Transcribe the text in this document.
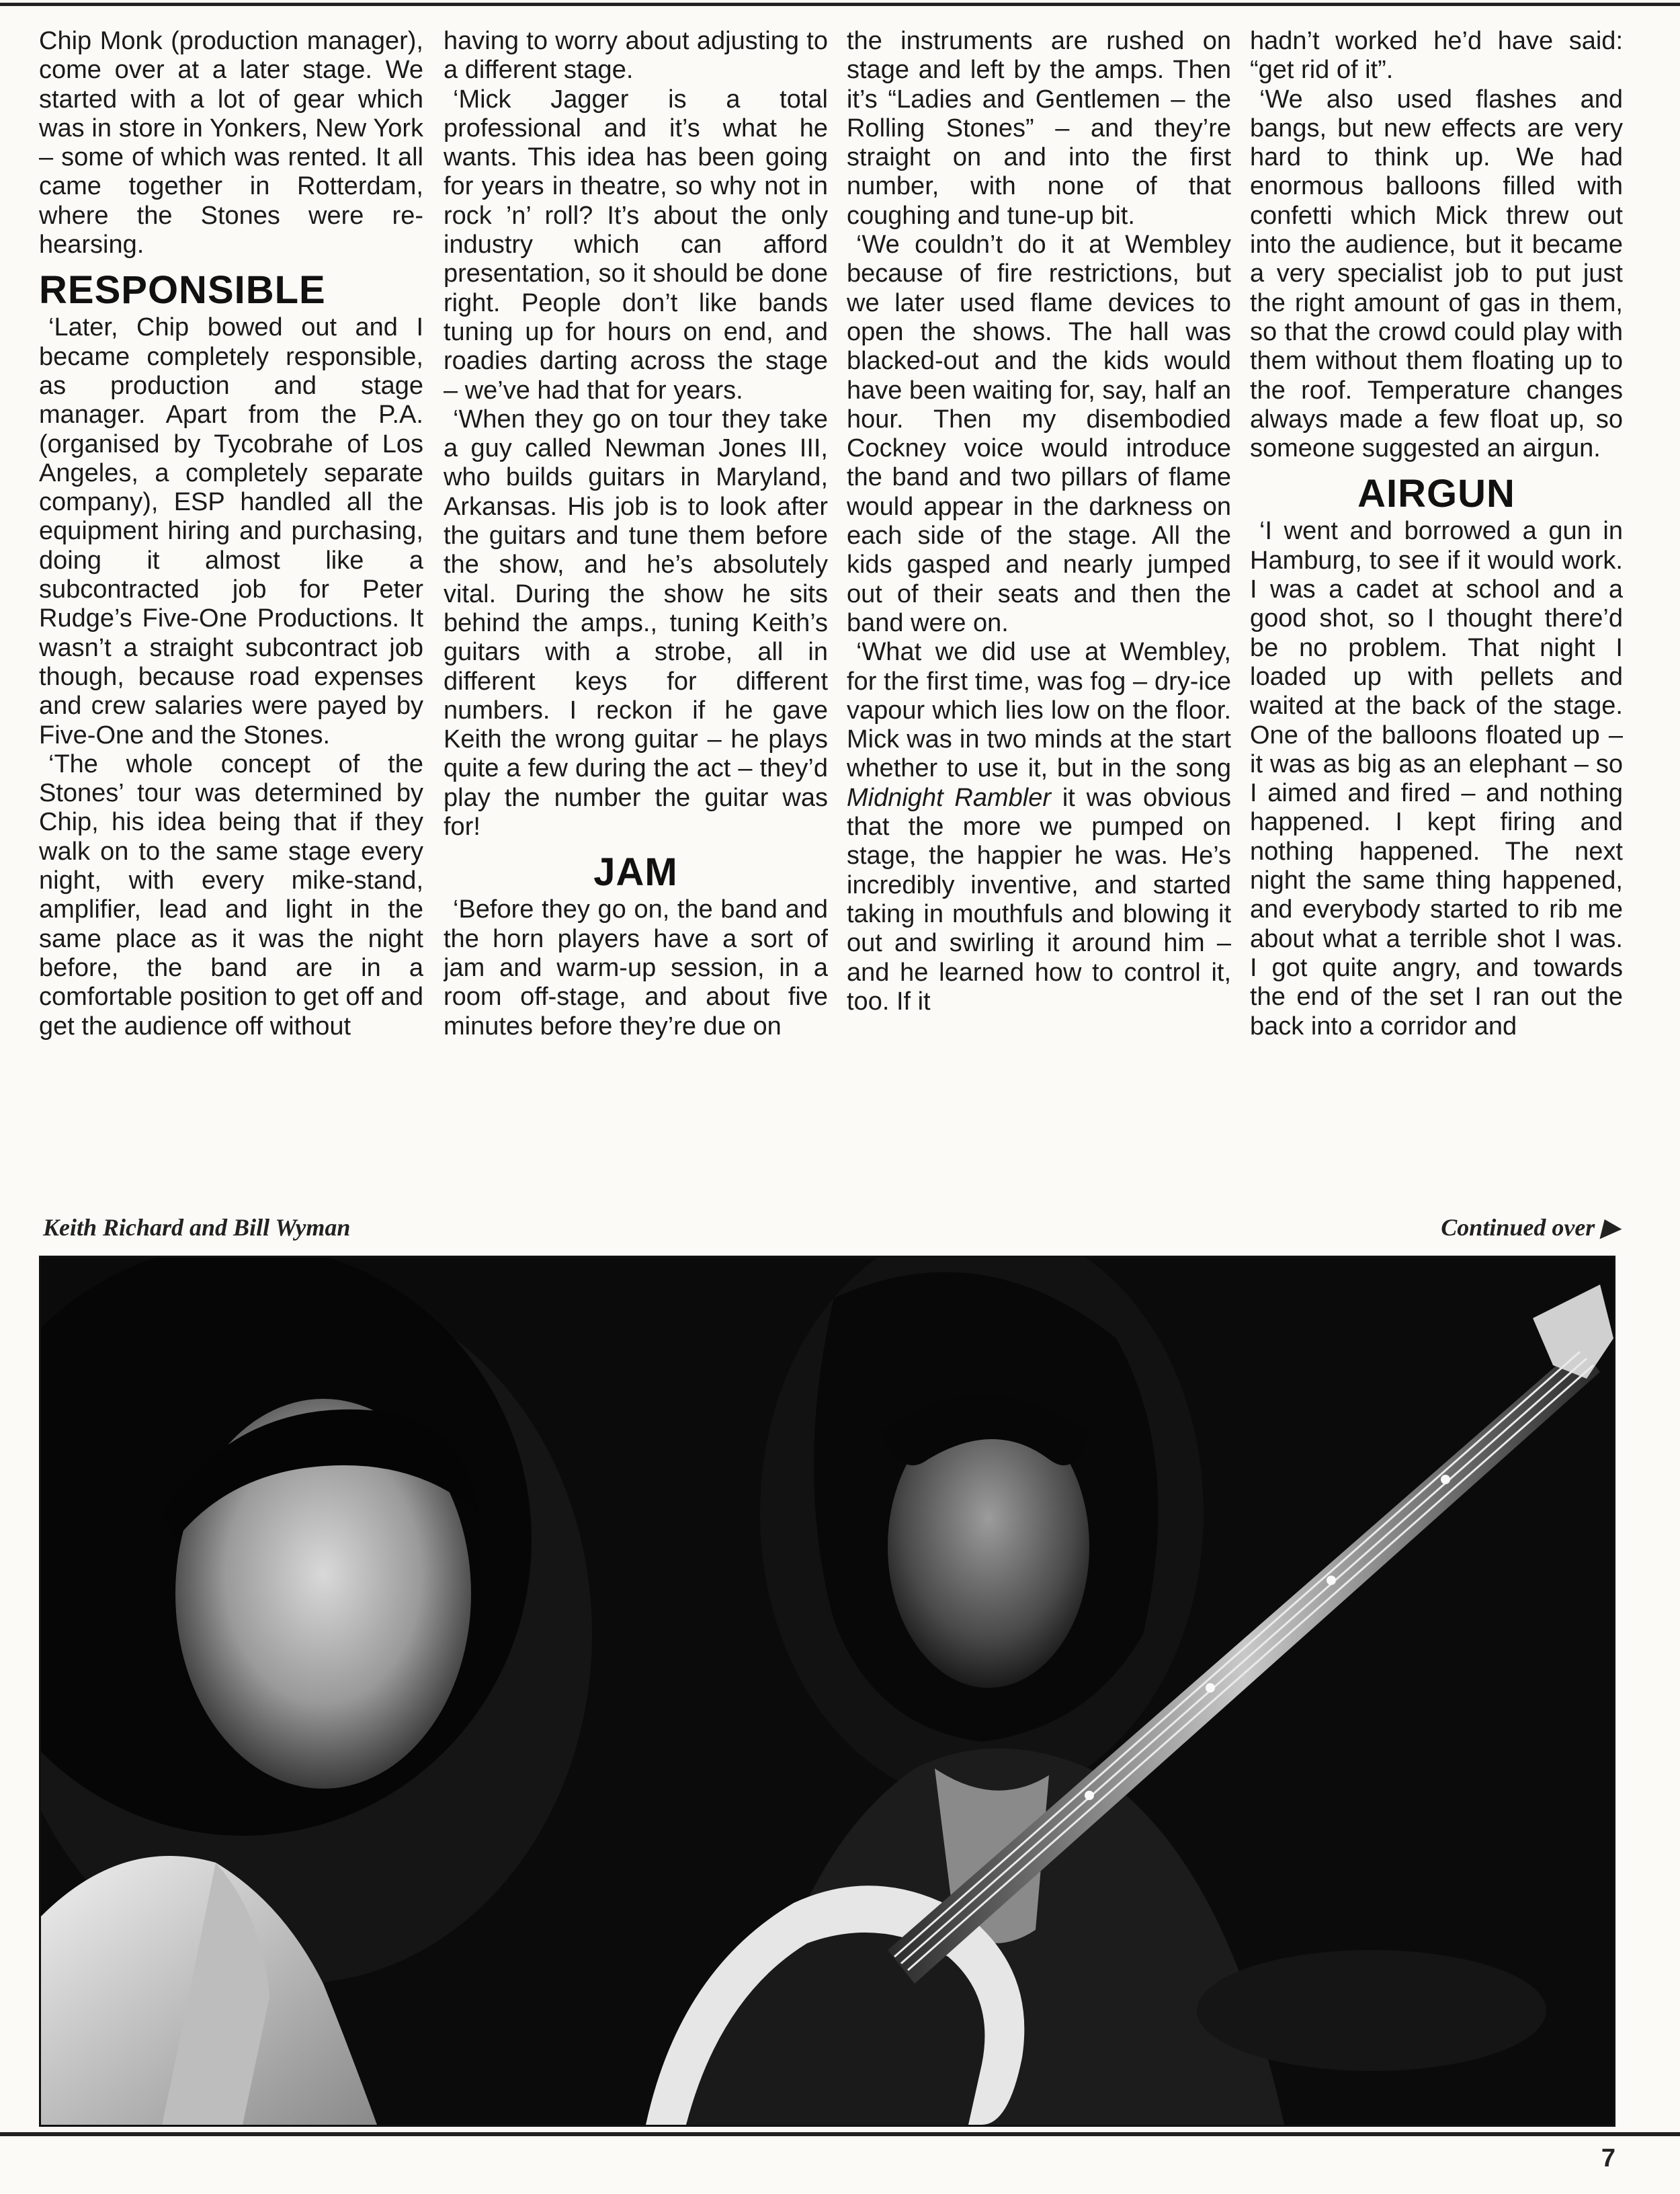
Chip Monk (production manager), come over at a later stage. We started with a lot of gear which was in store in Yonkers, New York – some of which was rented. It all came together in Rotterdam, where the Stones were rehearsing.

RESPONSIBLE

‘Later, Chip bowed out and I became completely responsible, as production and stage manager. Apart from the P.A. (organised by Tycobrahe of Los Angeles, a completely separate company), ESP handled all the equipment hiring and purchasing, doing it almost like a subcontracted job for Peter Rudge’s Five-One Productions. It wasn’t a straight subcontract job though, because road expenses and crew salaries were payed by Five-One and the Stones.

‘The whole concept of the Stones’ tour was determined by Chip, his idea being that if they walk on to the same stage every night, with every mike-stand, amplifier, lead and light in the same place as it was the night before, the band are in a comfortable position to get off and get the audience off without

having to worry about adjusting to a different stage.

‘Mick Jagger is a total professional and it’s what he wants. This idea has been going for years in theatre, so why not in rock ’n’ roll? It’s about the only industry which can afford presentation, so it should be done right. People don’t like bands tuning up for hours on end, and roadies darting across the stage – we’ve had that for years.

‘When they go on tour they take a guy called Newman Jones III, who builds guitars in Maryland, Arkansas. His job is to look after the guitars and tune them before the show, and he’s absolutely vital. During the show he sits behind the amps., tuning Keith’s guitars with a strobe, all in different keys for different numbers. I reckon if he gave Keith the wrong guitar – he plays quite a few during the act – they’d play the number the guitar was for!

JAM

‘Before they go on, the band and the horn players have a sort of jam and warm-up session, in a room off-stage, and about five minutes before they’re due on

the instruments are rushed on stage and left by the amps. Then it’s “Ladies and Gentlemen – the Rolling Stones” – and they’re straight on and into the first number, with none of that coughing and tune-up bit.

‘We couldn’t do it at Wembley because of fire restrictions, but we later used flame devices to open the shows. The hall was blacked-out and the kids would have been waiting for, say, half an hour. Then my disembodied Cockney voice would introduce the band and two pillars of flame would appear in the darkness on each side of the stage. All the kids gasped and nearly jumped out of their seats and then the band were on.

‘What we did use at Wembley, for the first time, was fog – dry-ice vapour which lies low on the floor. Mick was in two minds at the start whether to use it, but in the song Midnight Rambler it was obvious that the more we pumped on stage, the happier he was. He’s incredibly inventive, and started taking in mouthfuls and blowing it out and swirling it around him – and he learned how to control it, too. If it

hadn’t worked he’d have said: “get rid of it”.

‘We also used flashes and bangs, but new effects are very hard to think up. We had enormous balloons filled with confetti which Mick threw out into the audience, but it became a very specialist job to put just the right amount of gas in them, so that the crowd could play with them without them floating up to the roof. Temperature changes always made a few float up, so someone suggested an airgun.

AIRGUN

‘I went and borrowed a gun in Hamburg, to see if it would work. I was a cadet at school and a good shot, so I thought there’d be no problem. That night I loaded up with pellets and waited at the back of the stage. One of the balloons floated up – it was as big as an elephant – so I aimed and fired – and nothing happened. I kept firing and nothing happened. The next night the same thing happened, and everybody started to rib me about what a terrible shot I was. I got quite angry, and towards the end of the set I ran out the back into a corridor and

Keith Richard and Bill Wyman	Continued over ▶
7
